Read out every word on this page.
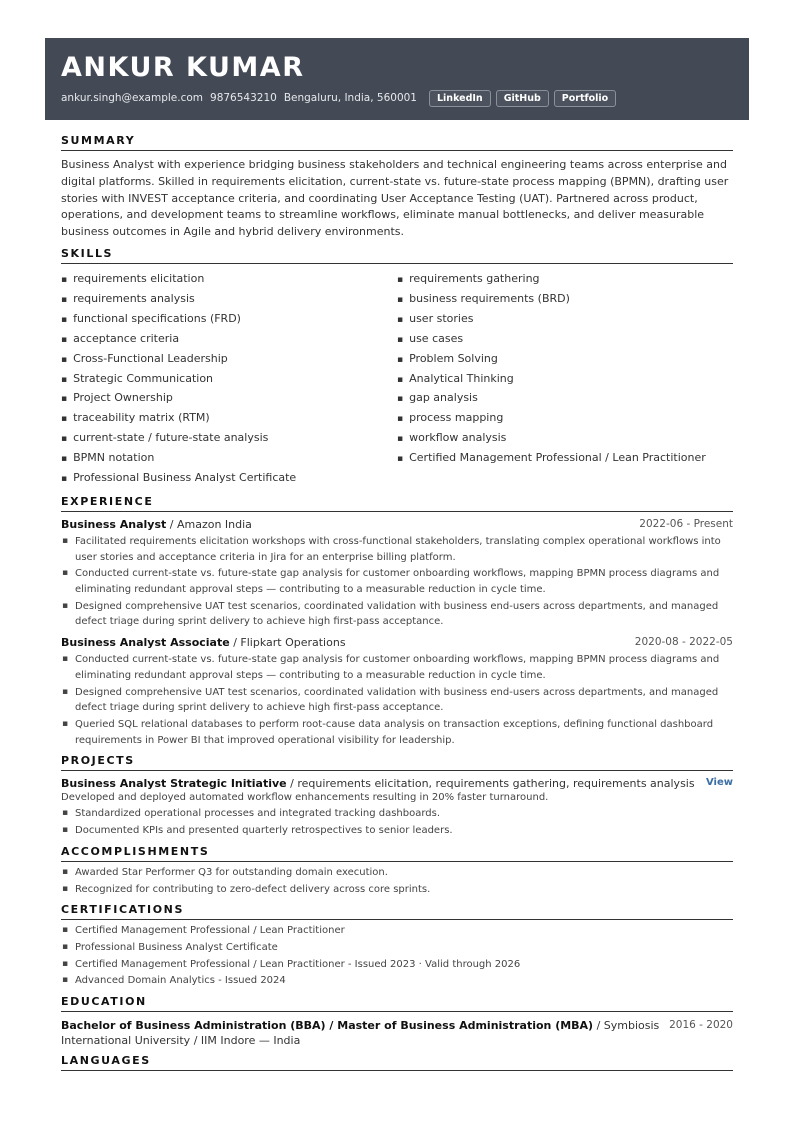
ANKUR KUMAR
ankur.singh@example.com 9876543210 Bengaluru, India, 560001	LinkedIn	GitHub	Portfolio
SUMMARY
Business Analyst with experience bridging business stakeholders and technical engineering teams across enterprise and digital platforms. Skilled in requirements elicitation, current-state vs. future-state process mapping (BPMN), drafting user stories with INVEST acceptance criteria, and coordinating User Acceptance Testing (UAT). Partnered across product, operations, and development teams to streamline workflows, eliminate manual bottlenecks, and deliver measurable business outcomes in Agile and hybrid delivery environments.
SKILLS
▪ requirements elicitation	▪ requirements gathering
▪ requirements analysis	▪ business requirements (BRD)
▪ functional specifications (FRD)	▪ user stories
▪ acceptance criteria	▪ use cases
▪ Cross-Functional Leadership	▪ Problem Solving
▪ Strategic Communication	▪ Analytical Thinking
▪ Project Ownership	▪ gap analysis
▪ traceability matrix (RTM)	▪ process mapping
▪ current-state / future-state analysis	▪ workflow analysis
▪ BPMN notation	▪ Certified Management Professional / Lean Practitioner
▪ Professional Business Analyst Certificate
EXPERIENCE
Business Analyst / Amazon India	2022-06 - Present
▪ Facilitated requirements elicitation workshops with cross-functional stakeholders, translating complex operational workflows into user stories and acceptance criteria in Jira for an enterprise billing platform.
▪ Conducted current-state vs. future-state gap analysis for customer onboarding workflows, mapping BPMN process diagrams and eliminating redundant approval steps — contributing to a measurable reduction in cycle time.
▪ Designed comprehensive UAT test scenarios, coordinated validation with business end-users across departments, and managed defect triage during sprint delivery to achieve high first-pass acceptance.
Business Analyst Associate / Flipkart Operations	2020-08 - 2022-05
▪ Conducted current-state vs. future-state gap analysis for customer onboarding workflows, mapping BPMN process diagrams and eliminating redundant approval steps — contributing to a measurable reduction in cycle time.
▪ Designed comprehensive UAT test scenarios, coordinated validation with business end-users across departments, and managed defect triage during sprint delivery to achieve high first-pass acceptance.
▪ Queried SQL relational databases to perform root-cause data analysis on transaction exceptions, defining functional dashboard requirements in Power BI that improved operational visibility for leadership.
PROJECTS
Business Analyst Strategic Initiative / requirements elicitation, requirements gathering, requirements analysis View
Developed and deployed automated workflow enhancements resulting in 20% faster turnaround.
▪ Standardized operational processes and integrated tracking dashboards.
▪ Documented KPIs and presented quarterly retrospectives to senior leaders.
ACCOMPLISHMENTS
▪ Awarded Star Performer Q3 for outstanding domain execution.
▪ Recognized for contributing to zero-defect delivery across core sprints.
CERTIFICATIONS
▪ Certified Management Professional / Lean Practitioner
▪ Professional Business Analyst Certificate
▪ Certified Management Professional / Lean Practitioner - Issued 2023 · Valid through 2026
▪ Advanced Domain Analytics - Issued 2024
EDUCATION
Bachelor of Business Administration (BBA) / Master of Business Administration (MBA) / Symbiosis International University / IIM Indore — India
2016 - 2020
LANGUAGES
